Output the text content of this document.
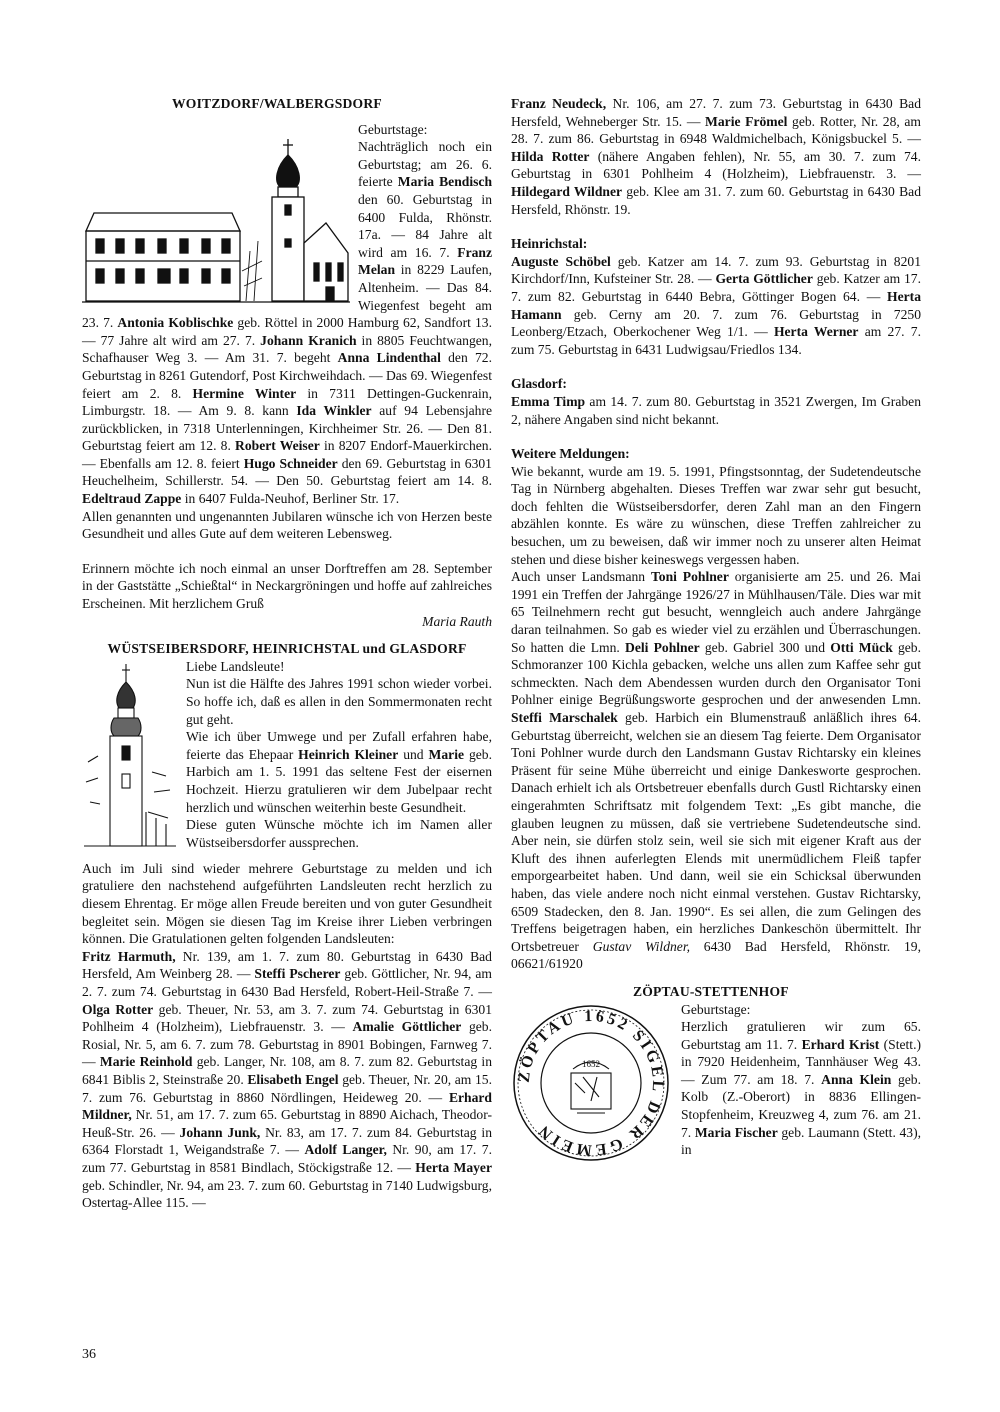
WOITZDORF/WALBERGSDORF

Geburtstage: Nachträglich noch ein Geburtstag; am 26. 6. feierte Maria Bendisch den 60. Geburtstag in 6400 Fulda, Rhönstr. 17a. — 84 Jahre alt wird am 16. 7. Franz Melan in 8229 Laufen, Altenheim. — Das 84. Wiegenfest begeht am 23. 7. Antonia Koblischke geb. Röttel in 2000 Hamburg 62, Sandfort 13. — 77 Jahre alt wird am 27. 7. Johann Kranich in 8805 Feuchtwangen, Schafhauser Weg 3. — Am 31. 7. begeht Anna Lindenthal den 72. Geburtstag in 8261 Gutendorf, Post Kirchweihdach. — Das 69. Wiegenfest feiert am 2. 8. Hermine Winter in 7311 Dettingen-Guckenrain, Limburgstr. 18. — Am 9. 8. kann Ida Winkler auf 94 Lebensjahre zurückblicken, in 7318 Unterlenningen, Kirchheimer Str. 26. — Den 81. Geburtstag feiert am 12. 8. Robert Weiser in 8207 Endorf-Mauerkirchen. — Ebenfalls am 12. 8. feiert Hugo Schneider den 69. Geburtstag in 6301 Heuchelheim, Schillerstr. 54. — Den 50. Geburtstag feiert am 14. 8. Edeltraud Zappe in 6407 Fulda-Neuhof, Berliner Str. 17.

Allen genannten und ungenannten Jubilaren wünsche ich von Herzen beste Gesundheit und alles Gute auf dem weiteren Lebensweg.

Erinnern möchte ich noch einmal an unser Dorftreffen am 28. September in der Gaststätte „Schießtal“ in Neckargröningen und hoffe auf zahlreiches Erscheinen. Mit herzlichem Gruß

Maria Rauth

WÜSTSEIBERSDORF, HEINRICHSTAL und GLASDORF

Liebe Landsleute!

Nun ist die Hälfte des Jahres 1991 schon wieder vorbei. So hoffe ich, daß es allen in den Sommermonaten recht gut geht.

Wie ich über Umwege und per Zufall erfahren habe, feierte das Ehepaar Heinrich Kleiner und Marie geb. Harbich am 1. 5. 1991 das seltene Fest der eisernen Hochzeit. Hierzu gratulieren wir dem Jubelpaar recht herzlich und wünschen weiterhin beste Gesundheit.

Diese guten Wünsche möchte ich im Namen aller Wüstseibersdorfer aussprechen.

Auch im Juli sind wieder mehrere Geburtstage zu melden und ich gratuliere den nachstehend aufgeführten Landsleuten recht herzlich zu diesem Ehrentag. Er möge allen Freude bereiten und von guter Gesundheit begleitet sein. Mögen sie diesen Tag im Kreise ihrer Lieben verbringen können. Die Gratulationen gelten folgenden Landsleuten:

Fritz Harmuth, Nr. 139, am 1. 7. zum 80. Geburtstag in 6430 Bad Hersfeld, Am Weinberg 28. — Steffi Pscherer geb. Göttlicher, Nr. 94, am 2. 7. zum 74. Geburtstag in 6430 Bad Hersfeld, Robert-Heil-Straße 7. — Olga Rotter geb. Theuer, Nr. 53, am 3. 7. zum 74. Geburtstag in 6301 Pohlheim 4 (Holzheim), Liebfrauenstr. 3. — Amalie Göttlicher geb. Rosial, Nr. 5, am 6. 7. zum 78. Geburtstag in 8901 Bobingen, Farnweg 7. — Marie Reinhold geb. Langer, Nr. 108, am 8. 7. zum 82. Geburtstag in 6841 Biblis 2, Steinstraße 20. Elisabeth Engel geb. Theuer, Nr. 20, am 15. 7. zum 76. Geburtstag in 8860 Nördlingen, Heideweg 20. — Erhard Mildner, Nr. 51, am 17. 7. zum 65. Geburtstag in 8890 Aichach, Theodor-Heuß-Str. 26. — Johann Junk, Nr. 83, am 17. 7. zum 84. Geburtstag in 6364 Florstadt 1, Weigandstraße 7. — Adolf Langer, Nr. 90, am 17. 7. zum 77. Geburtstag in 8581 Bindlach, Stöckigstraße 12. — Herta Mayer geb. Schindler, Nr. 94, am 23. 7. zum 60. Geburtstag in 7140 Ludwigsburg, Ostertag-Allee 115. —

Franz Neudeck, Nr. 106, am 27. 7. zum 73. Geburtstag in 6430 Bad Hersfeld, Wehneberger Str. 15. — Marie Frömel geb. Rotter, Nr. 28, am 28. 7. zum 86. Geburtstag in 6948 Waldmichelbach, Königsbuckel 5. — Hilda Rotter (nähere Angaben fehlen), Nr. 55, am 30. 7. zum 74. Geburtstag in 6301 Pohlheim 4 (Holzheim), Liebfrauenstr. 3. — Hildegard Wildner geb. Klee am 31. 7. zum 60. Geburtstag in 6430 Bad Hersfeld, Rhönstr. 19.

Heinrichstal:

Auguste Schöbel geb. Katzer am 14. 7. zum 93. Geburtstag in 8201 Kirchdorf/Inn, Kufsteiner Str. 28. — Gerta Göttlicher geb. Katzer am 17. 7. zum 82. Geburtstag in 6440 Bebra, Göttinger Bogen 64. — Herta Hamann geb. Cerny am 20. 7. zum 76. Geburtstag in 7250 Leonberg/Etzach, Oberkochener Weg 1/1. — Herta Werner am 27. 7. zum 75. Geburtstag in 6431 Ludwigsau/Friedlos 134.

Glasdorf:

Emma Timp am 14. 7. zum 80. Geburtstag in 3521 Zwergen, Im Graben 2, nähere Angaben sind nicht bekannt.

Weitere Meldungen:

Wie bekannt, wurde am 19. 5. 1991, Pfingstsonntag, der Sudetendeutsche Tag in Nürnberg abgehalten. Dieses Treffen war zwar sehr gut besucht, doch fehlten die Wüstseibersdorfer, deren Zahl man an den Fingern abzählen konnte. Es wäre zu wünschen, diese Treffen zahlreicher zu besuchen, um zu beweisen, daß wir immer noch zu unserer alten Heimat stehen und diese bisher keineswegs vergessen haben.

Auch unser Landsmann Toni Pohlner organisierte am 25. und 26. Mai 1991 ein Treffen der Jahrgänge 1926/27 in Mühlhausen/Täle. Dies war mit 65 Teilnehmern recht gut besucht, wenngleich auch andere Jahrgänge daran teilnahmen. So gab es wieder viel zu erzählen und Überraschungen. So hatten die Lmn. Deli Pohlner geb. Gabriel 300 und Otti Mück geb. Schmoranzer 100 Kichla gebacken, welche uns allen zum Kaffee sehr gut schmeckten. Nach dem Abendessen wurden durch den Organisator Toni Pohlner einige Begrüßungsworte gesprochen und der anwesenden Lmn. Steffi Marschalek geb. Harbich ein Blumenstrauß anläßlich ihres 64. Geburtstag überreicht, welchen sie an diesem Tag feierte. Dem Organisator Toni Pohlner wurde durch den Landsmann Gustav Richtarsky ein kleines Präsent für seine Mühe überreicht und einige Dankesworte gesprochen. Danach erhielt ich als Ortsbetreuer ebenfalls durch Gustl Richtarsky einen eingerahmten Schriftsatz mit folgendem Text: „Es gibt manche, die glauben leugnen zu müssen, daß sie vertriebene Sudetendeutsche sind. Aber nein, sie dürfen stolz sein, weil sie sich mit eigener Kraft aus der Kluft des ihnen auferlegten Elends mit unermüdlichem Fleiß tapfer emporgearbeitet haben. Und dann, weil sie ein Schicksal überwunden haben, das viele andere noch nicht einmal verstehen. Gustav Richtarsky, 6509 Stadecken, den 8. Jan. 1990“. Es sei allen, die zum Gelingen des Treffens beigetragen haben, ein herzliches Dankeschön übermittelt. Ihr Ortsbetreuer Gustav Wildner, 6430 Bad Hersfeld, Rhönstr. 19, 06621/61920

ZÖPTAU-STETTENHOF
ZÖPTAU 1652 SIGEL DER GEMEIN
1652

Geburtstage:

Herzlich gratulieren wir zum 65. Geburtstag am 11. 7. Erhard Krist (Stett.) in 7920 Heidenheim, Tannhäuser Weg 43. — Zum 77. am 18. 7. Anna Klein geb. Kolb (Z.-Oberort) in 8836 Ellingen-Stopfenheim, Kreuzweg 4, zum 76. am 21. 7. Maria Fischer geb. Laumann (Stett. 43), in

36
